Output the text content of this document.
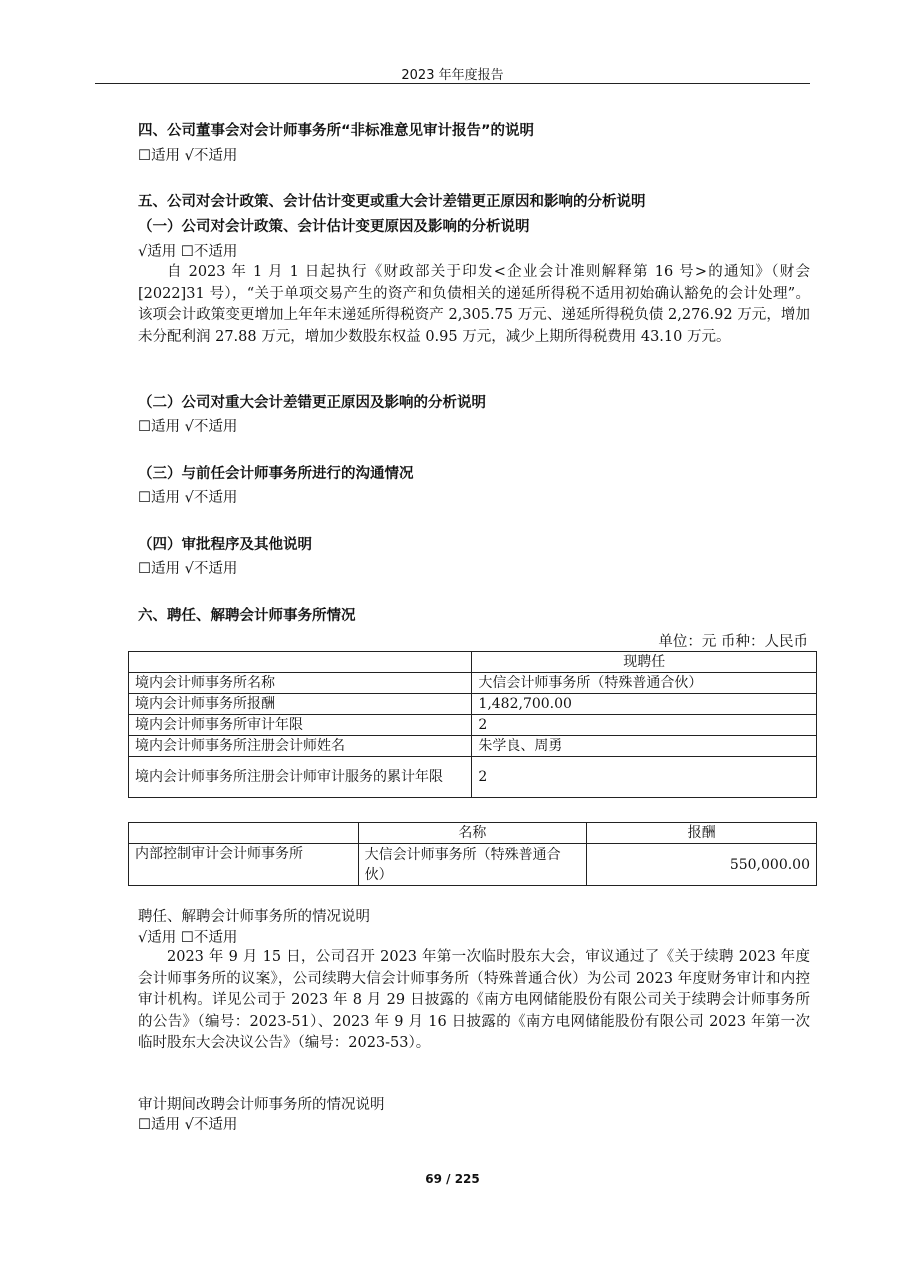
2023 年年度报告
四、公司董事会对会计师事务所“非标准意见审计报告”的说明
☐适用 √不适用
五、公司对会计政策、会计估计变更或重大会计差错更正原因和影响的分析说明
（一）公司对会计政策、会计估计变更原因及影响的分析说明
√适用 ☐不适用
自 2023 年 1 月 1 日起执行《财政部关于印发<企业会计准则解释第 16 号>的通知》（财会[2022]31 号），“关于单项交易产生的资产和负债相关的递延所得税不适用初始确认豁免的会计处理”。该项会计政策变更增加上年年末递延所得税资产 2,305.75 万元、递延所得税负债 2,276.92 万元，增加未分配利润 27.88 万元，增加少数股东权益 0.95 万元，减少上期所得税费用 43.10 万元。
（二）公司对重大会计差错更正原因及影响的分析说明
☐适用 √不适用
（三）与前任会计师事务所进行的沟通情况
☐适用 √不适用
（四）审批程序及其他说明
☐适用 √不适用
六、聘任、解聘会计师事务所情况
单位：元 币种：人民币
	现聘任
境内会计师事务所名称	大信会计师事务所（特殊普通合伙）
境内会计师事务所报酬	1,482,700.00
境内会计师事务所审计年限	2
境内会计师事务所注册会计师姓名	朱学良、周勇
境内会计师事务所注册会计师审计服务的累计年限	2
	名称	报酬
内部控制审计会计师事务所	大信会计师事务所（特殊普通合伙）	550,000.00
聘任、解聘会计师事务所的情况说明
√适用 ☐不适用
2023 年 9 月 15 日，公司召开 2023 年第一次临时股东大会，审议通过了《关于续聘 2023 年度会计师事务所的议案》，公司续聘大信会计师事务所（特殊普通合伙）为公司 2023 年度财务审计和内控审计机构。详见公司于 2023 年 8 月 29 日披露的《南方电网储能股份有限公司关于续聘会计师事务所的公告》（编号：2023-51）、2023 年 9 月 16 日披露的《南方电网储能股份有限公司 2023 年第一次临时股东大会决议公告》（编号：2023-53）。
审计期间改聘会计师事务所的情况说明
☐适用 √不适用
69 / 225
